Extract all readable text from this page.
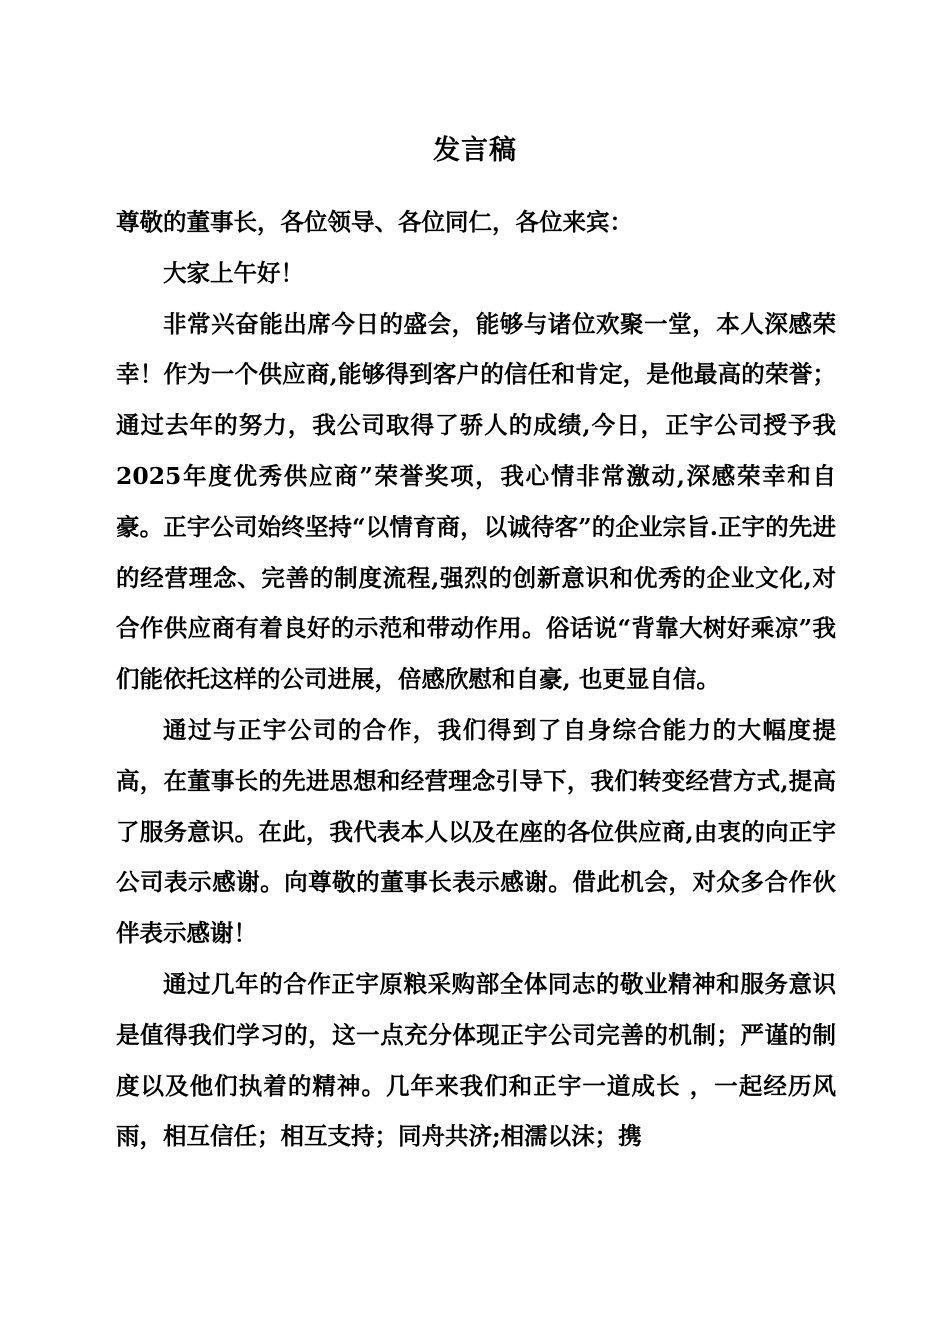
发言稿

尊敬的董事长，各位领导、各位同仁，各位来宾：

大家上午好！

非常兴奋能出席今日的盛会，能够与诸位欢聚一堂，本人深感荣幸！作为一个供应商,能够得到客户的信任和肯定，是他最高的荣誉；通过去年的努力，我公司取得了骄人的成绩,今日，正宇公司授予我2025年度优秀供应商”荣誉奖项，我心情非常激动,深感荣幸和自豪。正宇公司始终坚持“以情育商，以诚待客”的企业宗旨.正宇的先进的经营理念、完善的制度流程,强烈的创新意识和优秀的企业文化,对合作供应商有着良好的示范和带动作用。俗话说“背靠大树好乘凉”我们能依托这样的公司进展，倍感欣慰和自豪, 也更显自信。

通过与正宇公司的合作，我们得到了自身综合能力的大幅度提高，在董事长的先进思想和经营理念引导下，我们转变经营方式,提高了服务意识。在此，我代表本人以及在座的各位供应商,由衷的向正宇公司表示感谢。向尊敬的董事长表示感谢。借此机会，对众多合作伙伴表示感谢！

通过几年的合作正宇原粮采购部全体同志的敬业精神和服务意识是值得我们学习的，这一点充分体现正宇公司完善的机制；严谨的制度以及他们执着的精神。几年来我们和正宇一道成长 ，一起经历风雨，相互信任；相互支持；同舟共济;相濡以沫；携
